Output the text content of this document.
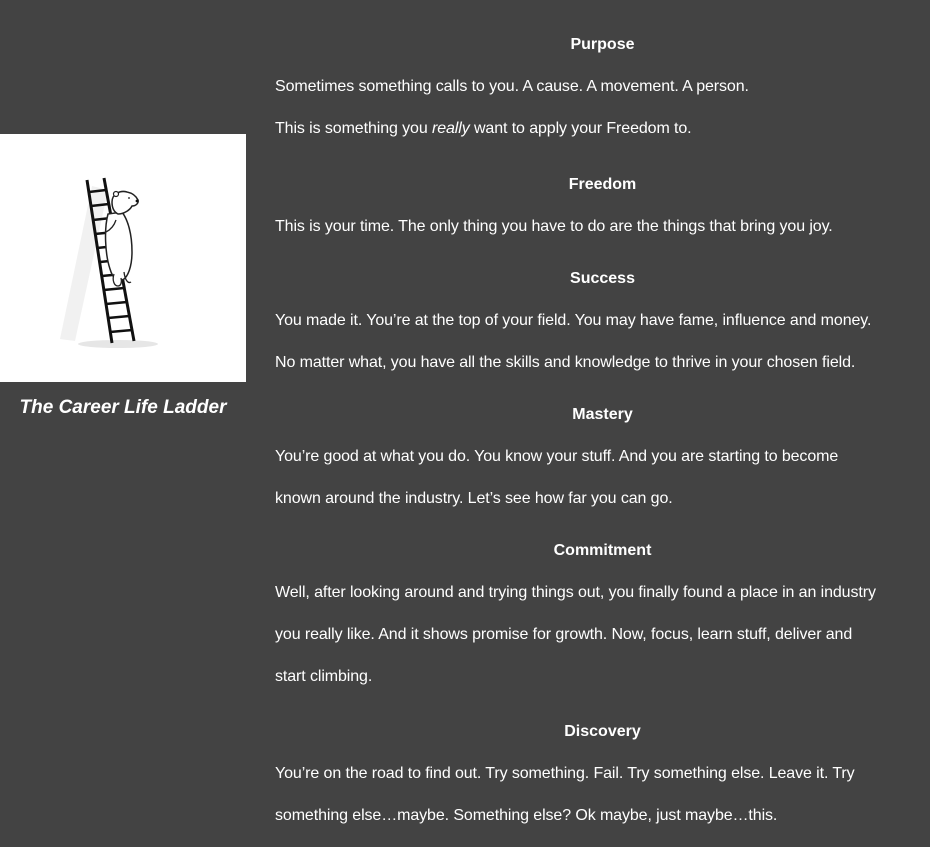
The Career Life Ladder
Purpose

Sometimes something calls to you. A cause. A movement. A person.

This is something you really want to apply your Freedom to.

Freedom

This is your time. The only thing you have to do are the things that bring you joy.

Success

You made it. You’re at the top of your field. You may have fame, influence and money.

No matter what, you have all the skills and knowledge to thrive in your chosen field.

Mastery

You’re good at what you do. You know your stuff. And you are starting to become

known around the industry. Let’s see how far you can go.

Commitment

Well, after looking around and trying things out, you finally found a place in an industry

you really like. And it shows promise for growth. Now, focus, learn stuff, deliver and

start climbing.

Discovery

You’re on the road to find out. Try something. Fail. Try something else. Leave it. Try

something else…maybe. Something else? Ok maybe, just maybe…this.
